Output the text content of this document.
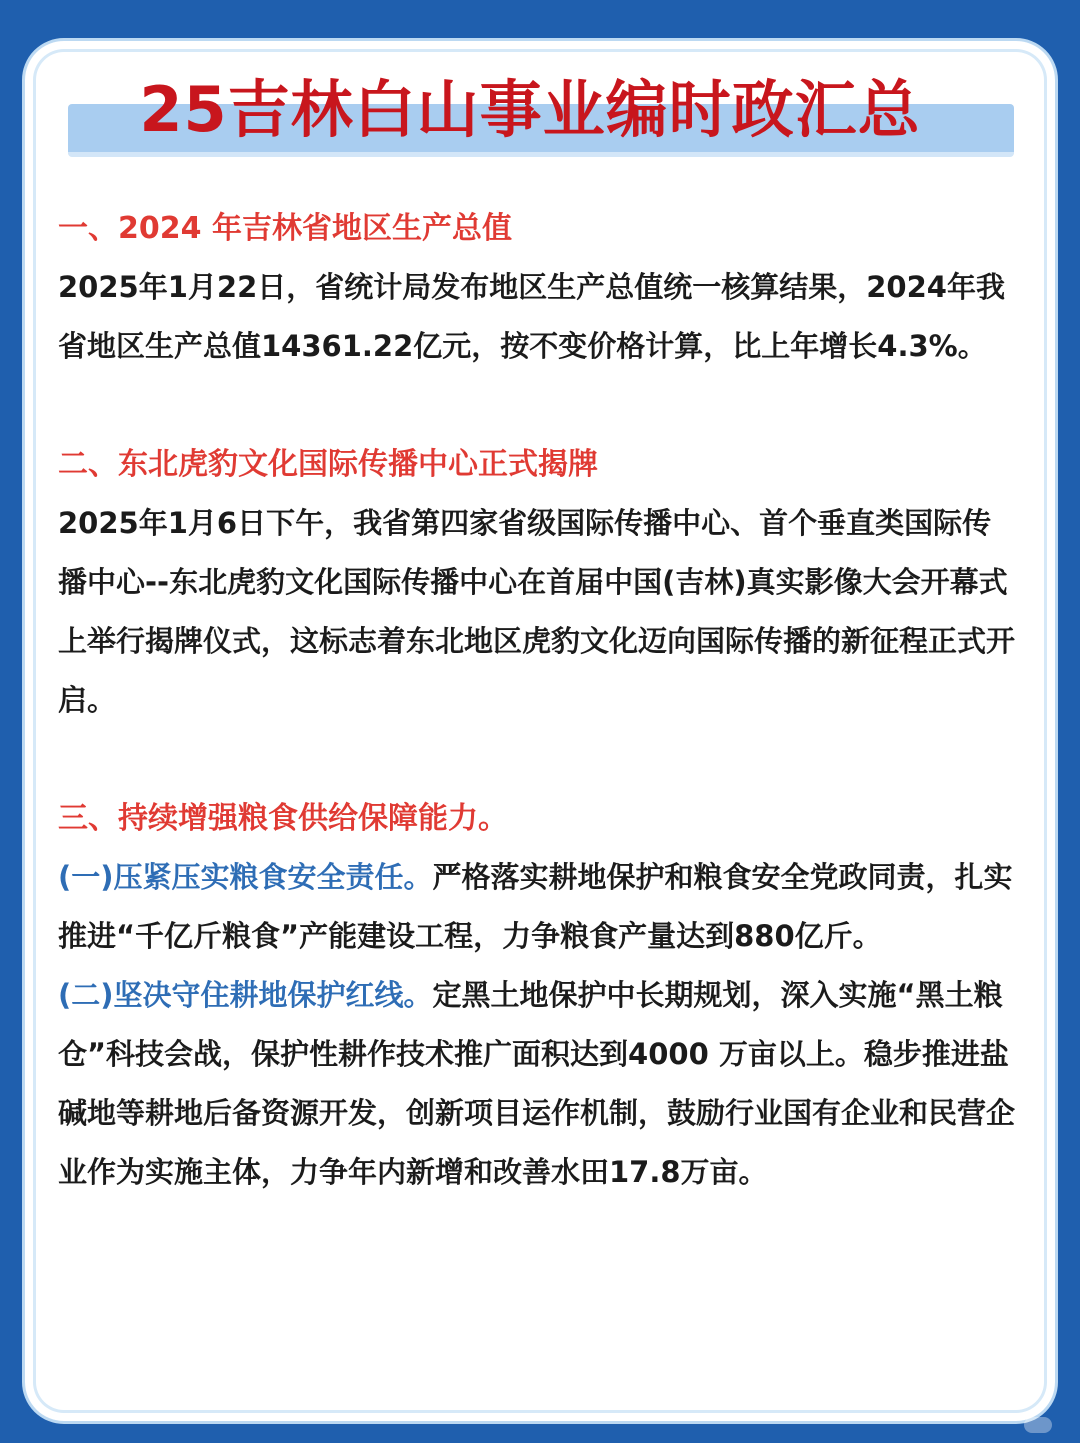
25吉林白山事业编时政汇总

一、2024 年吉林省地区生产总值

2025年1月22日，省统计局发布地区生产总值统一核算结果，2024年我省地区生产总值14361.22亿元，按不变价格计算，比上年增长4.3%。

二、东北虎豹文化国际传播中心正式揭牌

2025年1月6日下午，我省第四家省级国际传播中心、首个垂直类国际传播中心--东北虎豹文化国际传播中心在首届中国(吉林)真实影像大会开幕式上举行揭牌仪式，这标志着东北地区虎豹文化迈向国际传播的新征程正式开启。

三、持续增强粮食供给保障能力。

(一)压紧压实粮食安全责任。严格落实耕地保护和粮食安全党政同责，扎实推进“千亿斤粮食”产能建设工程，力争粮食产量达到880亿斤。

(二)坚决守住耕地保护红线。定黑土地保护中长期规划，深入实施“黑土粮仓”科技会战，保护性耕作技术推广面积达到4000 万亩以上。稳步推进盐碱地等耕地后备资源开发，创新项目运作机制，鼓励行业国有企业和民营企业作为实施主体，力争年内新增和改善水田17.8万亩。
